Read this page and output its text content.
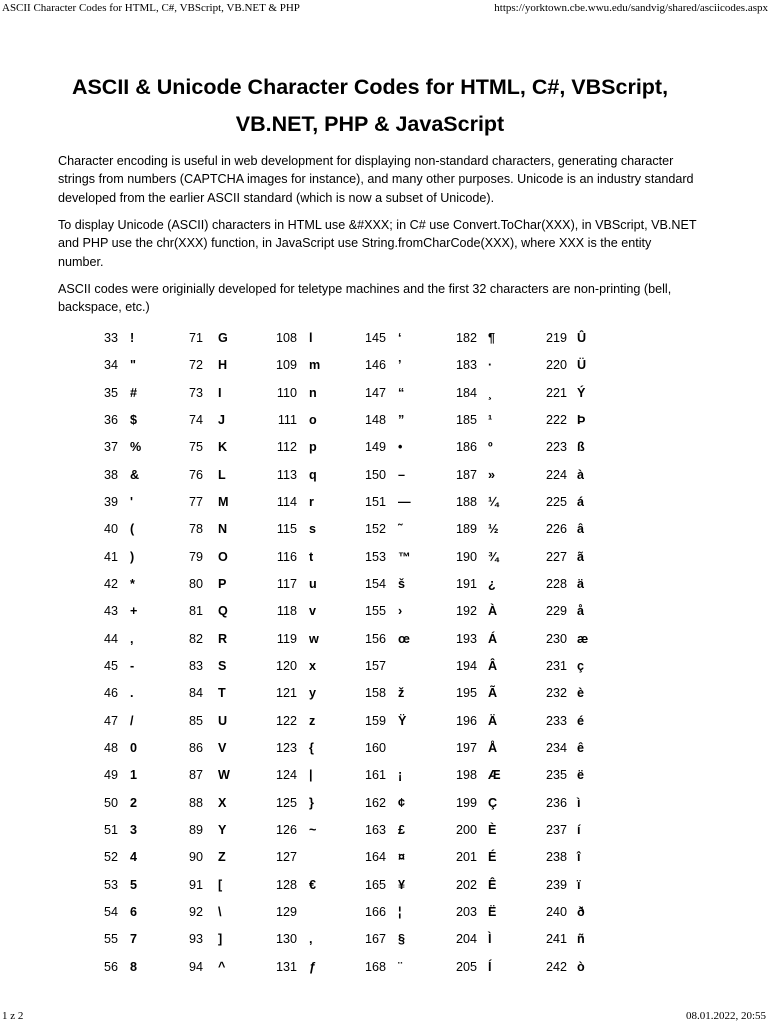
ASCII Character Codes for HTML, C#, VBScript, VB.NET & PHP	https://yorktown.cbe.wwu.edu/sandvig/shared/asciicodes.aspx
ASCII & Unicode Character Codes for HTML, C#, VBScript, VB.NET, PHP & JavaScript

Character encoding is useful in web development for displaying non-standard characters, generating character strings from numbers (CAPTCHA images for instance), and many other purposes. Unicode is an industry standard developed from the earlier ASCII standard (which is now a subset of Unicode).

To display Unicode (ASCII) characters in HTML use &#XXX; in C# use Convert.ToChar(XXX), in VBScript, VB.NET and PHP use the chr(XXX) function, in JavaScript use String.fromCharCode(XXX), where XXX is the entity number.

ASCII codes were originially developed for teletype machines and the first 32 characters are non-printing (bell, backspace, etc.)

33 !
34 "
35 #
36 $
37 %
38 &
39 '
40 (
41 )
42 *
43 +
44 ,
45 -
46 .
47 /
48 0
49 1
50 2
51 3
52 4
53 5
54 6
55 7
56 8
71 G
72 H
73 I
74 J
75 K
76 L
77 M
78 N
79 O
80 P
81 Q
82 R
83 S
84 T
85 U
86 V
87 W
88 X
89 Y
90 Z
91 [
92 \
93 ]
94 ^
108 l
109 m
110 n
111 o
112 p
113 q
114 r
115 s
116 t
117 u
118 v
119 w
120 x
121 y
122 z
123 {
124 |
125 }
126 ~
127
128 €
129
130 ,
131 ƒ
145 ‘
146 ’
147 “
148 ”
149 •
150 –
151 —
152 ˜
153 ™
154 š
155 ›
156 œ
157
158 ž
159 Ÿ
160
161 ¡
162 ¢
163 £
164 ¤
165 ¥
166 ¦
167 §
168 ¨
182 ¶
183 ·
184 ¸
185 ¹
186 º
187 »
188 ¼
189 ½
190 ¾
191 ¿
192 À
193 Á
194 Â
195 Ã
196 Ä
197 Å
198 Æ
199 Ç
200 È
201 É
202 Ê
203 Ë
204 Ì
205 Í
219 Û
220 Ü
221 Ý
222 Þ
223 ß
224 à
225 á
226 â
227 ã
228 ä
229 å
230 æ
231 ç
232 è
233 é
234 ê
235 ë
236 ì
237 í
238 î
239 ï
240 ð
241 ñ
242 ò
1 z 2	08.01.2022, 20:55
